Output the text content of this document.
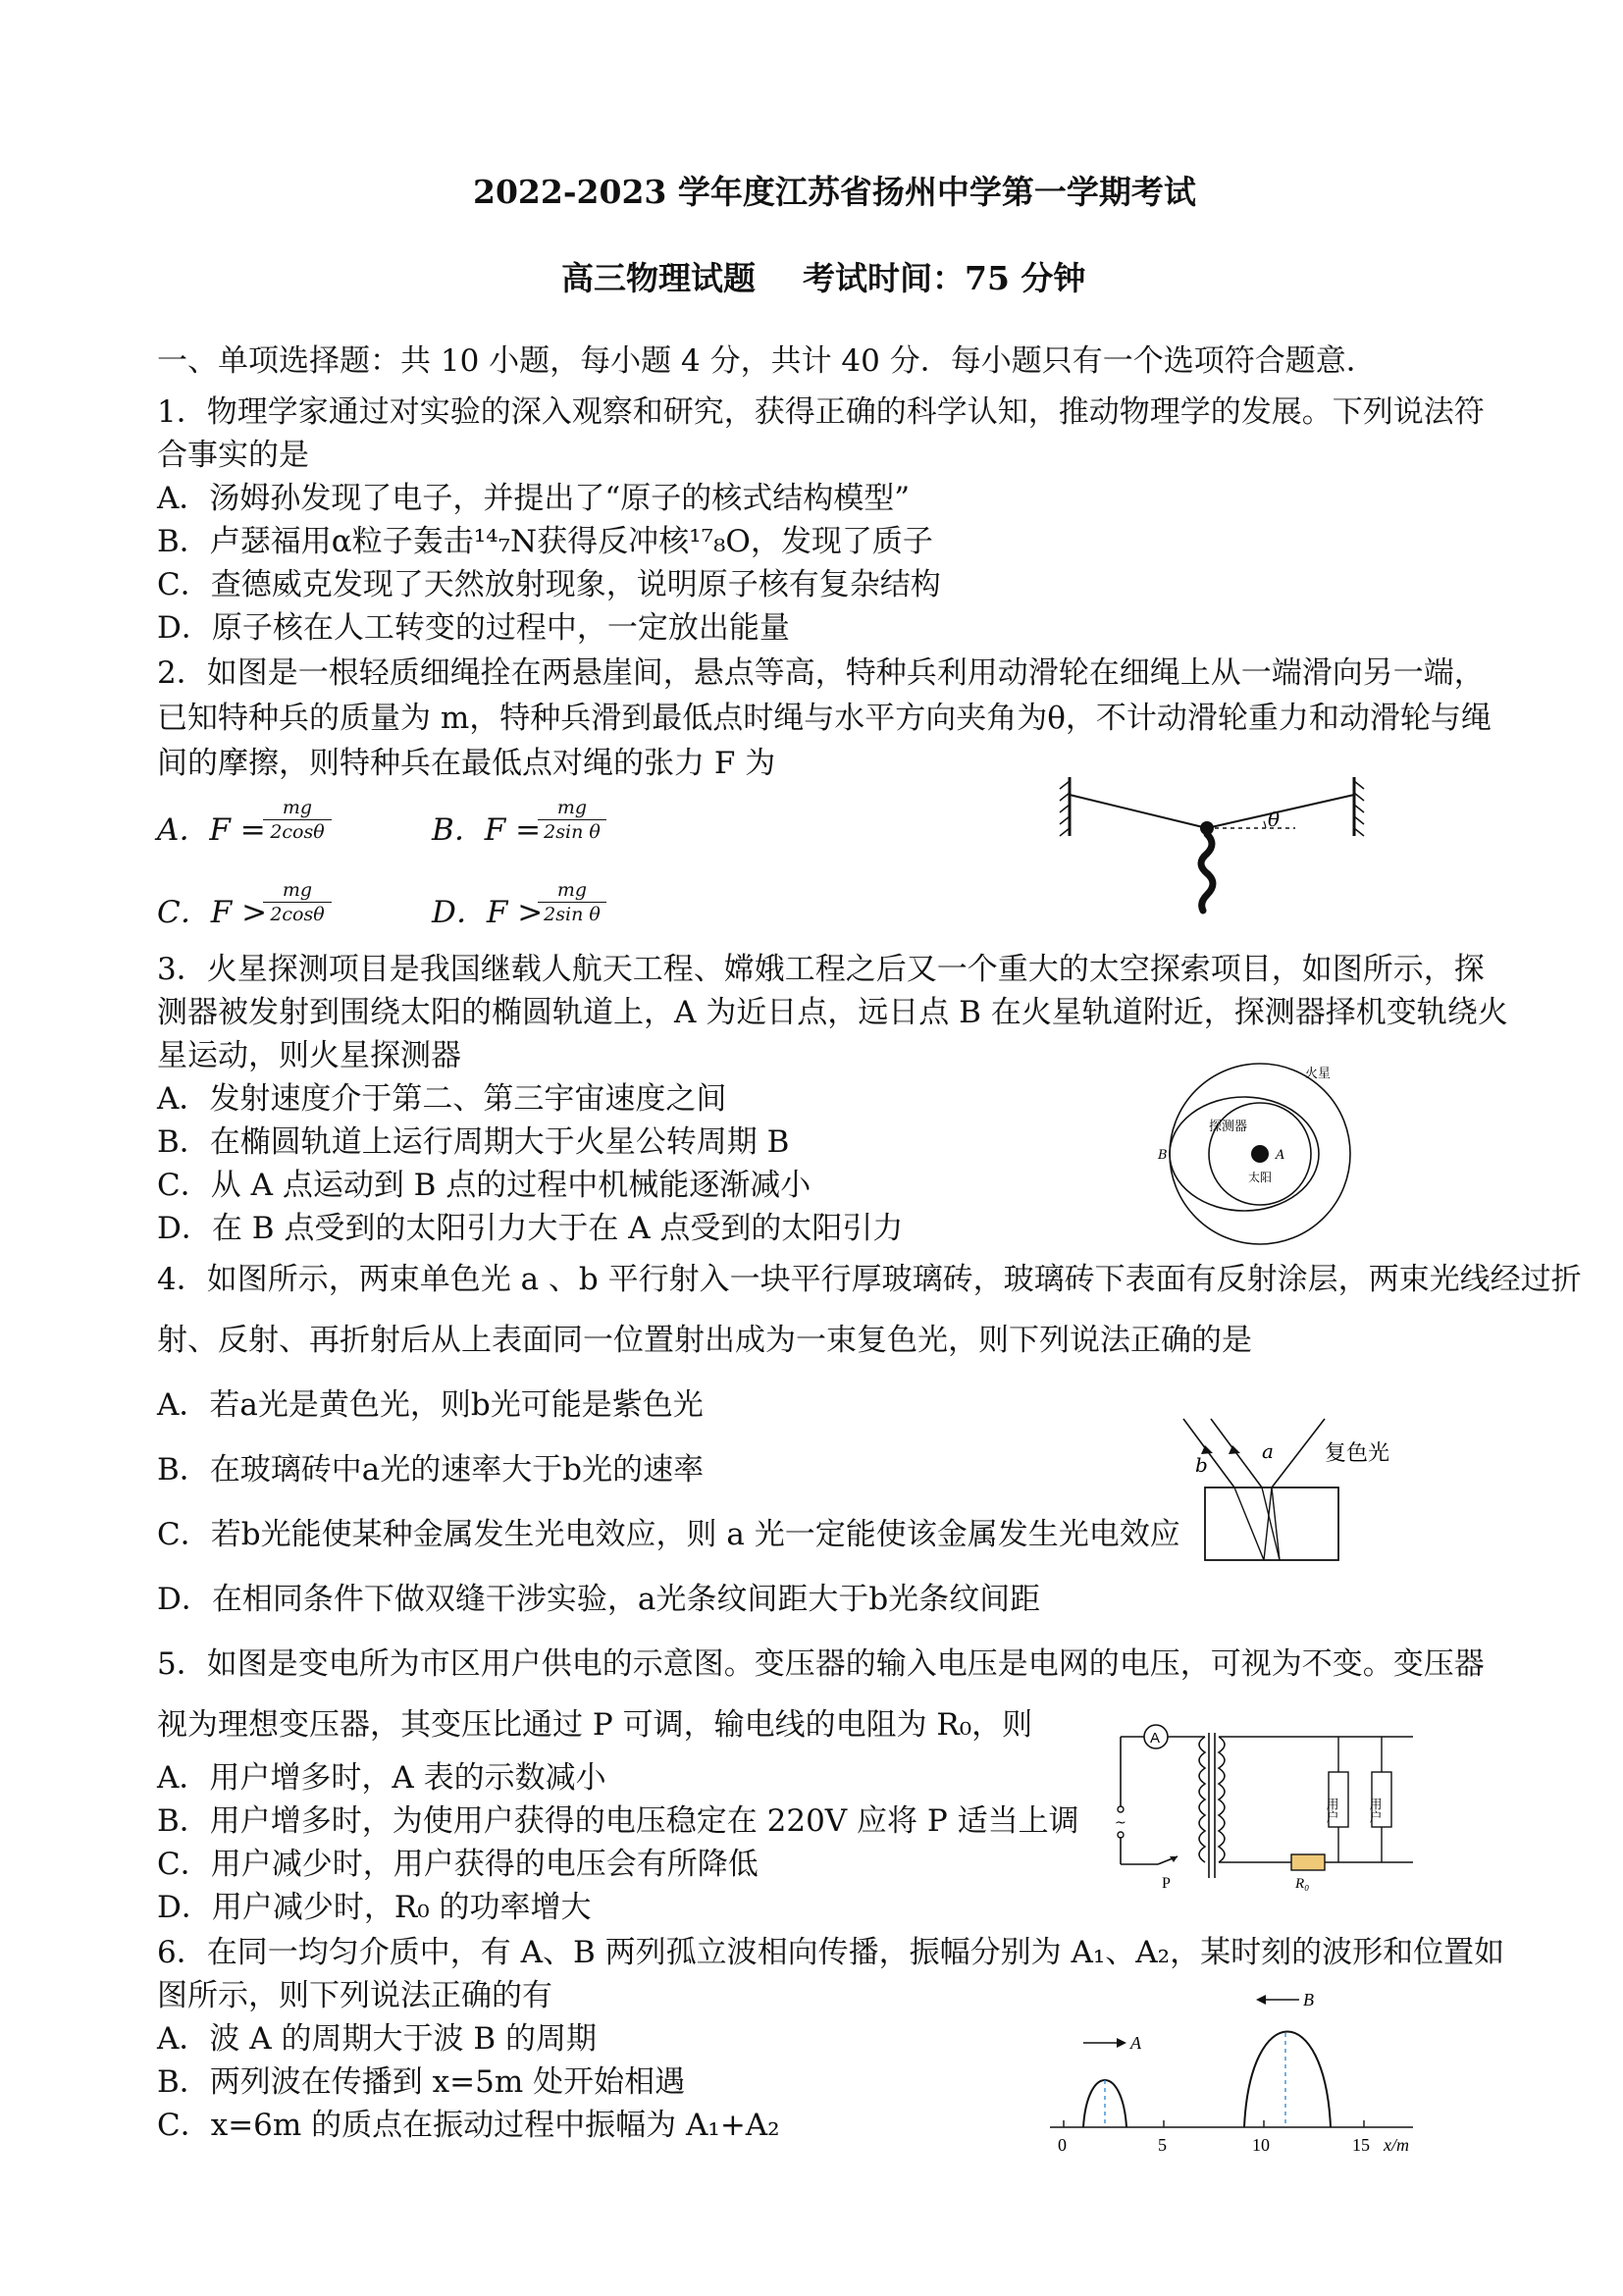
2022-2023 学年度江苏省扬州中学第一学期考试
高三物理试题 考试时间：75 分钟
一、单项选择题：共 10 小题，每小题 4 分，共计 40 分．每小题只有一个选项符合题意．
1．物理学家通过对实验的深入观察和研究，获得正确的科学认知，推动物理学的发展。下列说法符
合事实的是
A．汤姆孙发现了电子，并提出了“原子的核式结构模型”
B．卢瑟福用α粒子轰击¹⁴₇N获得反冲核¹⁷₈O，发现了质子
C．查德威克发现了天然放射现象，说明原子核有复杂结构
D．原子核在人工转变的过程中，一定放出能量
2．如图是一根轻质细绳拴在两悬崖间，悬点等高，特种兵利用动滑轮在细绳上从一端滑向另一端，
已知特种兵的质量为 m，特种兵滑到最低点时绳与水平方向夹角为θ，不计动滑轮重力和动滑轮与绳
间的摩擦，则特种兵在最低点对绳的张力 F 为
A．F =
mg
2cosθ	B．F =
mg
2sin θ
C．F >
mg
2cosθ	D．F >
mg
2sin θ
θ
3．火星探测项目是我国继载人航天工程、嫦娥工程之后又一个重大的太空探索项目，如图所示，探
测器被发射到围绕太阳的椭圆轨道上，A 为近日点，远日点 B 在火星轨道附近，探测器择机变轨绕火
星运动，则火星探测器
A．发射速度介于第二、第三宇宙速度之间
B．在椭圆轨道上运行周期大于火星公转周期 B
C．从 A 点运动到 B 点的过程中机械能逐渐减小
D．在 B 点受到的太阳引力大于在 A 点受到的太阳引力
火星
探测器
太阳
A
B
4．如图所示，两束单色光 a 、b 平行射入一块平行厚玻璃砖，玻璃砖下表面有反射涂层，两束光线经过折
射、反射、再折射后从上表面同一位置射出成为一束复色光，则下列说法正确的是
A．若a光是黄色光，则b光可能是紫色光
B．在玻璃砖中a光的速率大于b光的速率
C．若b光能使某种金属发生光电效应，则 a 光一定能使该金属发生光电效应
D．在相同条件下做双缝干涉实验，a光条纹间距大于b光条纹间距
b
a 复色光
5．如图是变电所为市区用户供电的示意图。变压器的输入电压是电网的电压，可视为不变。变压器
视为理想变压器，其变压比通过 P 可调，输电线的电阻为 R₀，则
A．用户增多时，A 表的示数减小
B．用户增多时，为使用户获得的电压稳定在 220V 应将 P 适当上调
C．用户减少时，用户获得的电压会有所降低
D．用户减少时，R₀ 的功率增大
A
~
P	R₀
用户 用户
6．在同一均匀介质中，有 A、B 两列孤立波相向传播，振幅分别为 A₁、A₂，某时刻的波形和位置如
图所示，则下列说法正确的有
A．波 A 的周期大于波 B 的周期
B．两列波在传播到 x=5m 处开始相遇
C．x=6m 的质点在振动过程中振幅为 A₁+A₂
0	5	10	15 x/m
A
B
